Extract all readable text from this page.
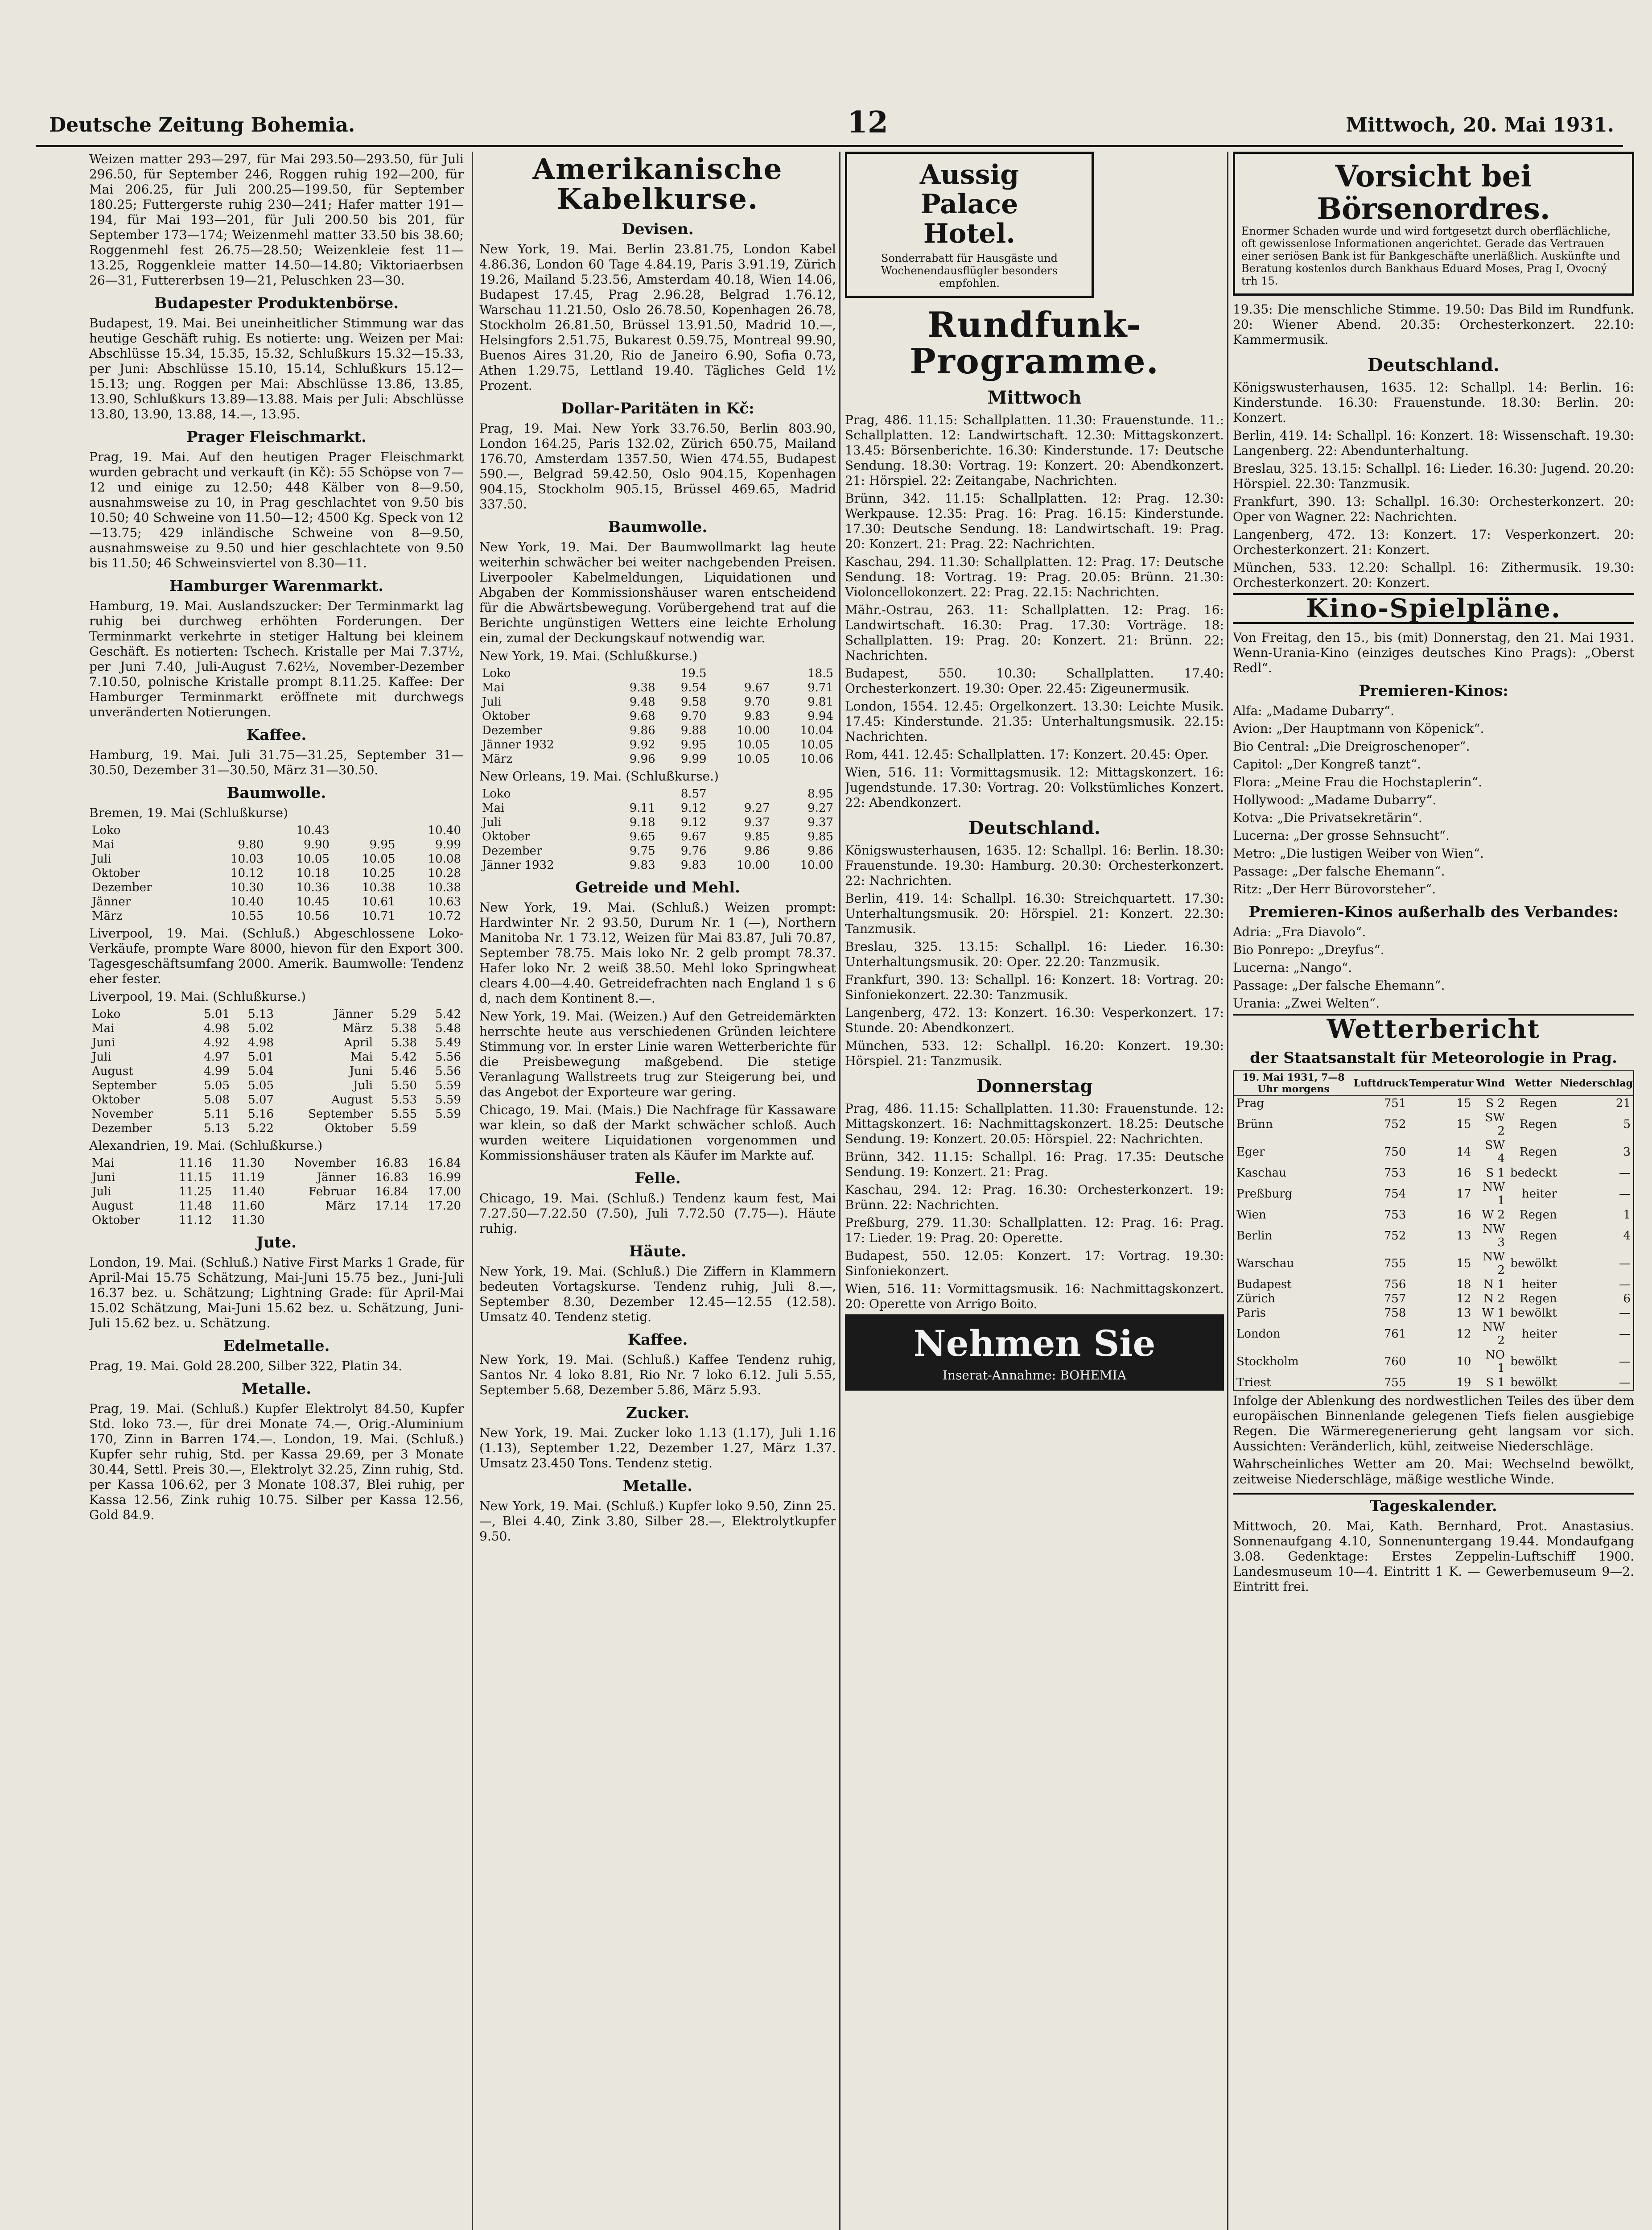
Deutsche Zeitung Bohemia.	12	Mittwoch, 20. Mai 1931.

Weizen matter 293—297, für Mai 293.50—293.50, für Juli 296.50, für September 246, Roggen ruhig 192—200, für Mai 206.25, für Juli 200.25—199.50, für September 180.25; Futtergerste ruhig 230—241; Hafer matter 191—194, für Mai 193—201, für Juli 200.50 bis 201, für September 173—174; Weizenmehl matter 33.50 bis 38.60; Roggenmehl fest 26.75—28.50; Weizenkleie fest 11—13.25, Roggenkleie matter 14.50—14.80; Viktoriaerbsen 26—31, Futtererbsen 19—21, Peluschken 23—30.

Budapester Produktenbörse.

Budapest, 19. Mai. Bei uneinheitlicher Stimmung war das heutige Geschäft ruhig. Es notierte: ung. Weizen per Mai: Abschlüsse 15.34, 15.35, 15.32, Schlußkurs 15.32—15.33, per Juni: Abschlüsse 15.10, 15.14, Schlußkurs 15.12—15.13; ung. Roggen per Mai: Abschlüsse 13.86, 13.85, 13.90, Schlußkurs 13.89—13.88. Mais per Juli: Abschlüsse 13.80, 13.90, 13.88, 14.—, 13.95.

Prager Fleischmarkt.

Prag, 19. Mai. Auf den heutigen Prager Fleischmarkt wurden gebracht und verkauft (in Kč): 55 Schöpse von 7—12 und einige zu 12.50; 448 Kälber von 8—9.50, ausnahmsweise zu 10, in Prag geschlachtet von 9.50 bis 10.50; 40 Schweine von 11.50—12; 4500 Kg. Speck von 12—13.75; 429 inländische Schweine von 8—9.50, ausnahmsweise zu 9.50 und hier geschlachtete von 9.50 bis 11.50; 46 Schweinsviertel von 8.30—11.

Hamburger Warenmarkt.

Hamburg, 19. Mai. Auslandszucker: Der Terminmarkt lag ruhig bei durchweg erhöhten Forderungen. Der Terminmarkt verkehrte in stetiger Haltung bei kleinem Geschäft. Es notierten: Tschech. Kristalle per Mai 7.37½, per Juni 7.40, Juli-August 7.62½, November-Dezember 7.10.50, polnische Kristalle prompt 8.11.25. Kaffee: Der Hamburger Terminmarkt eröffnete mit durchwegs unveränderten Notierungen.

Kaffee.

Hamburg, 19. Mai. Juli 31.75—31.25, September 31—30.50, Dezember 31—30.50, März 31—30.50.

Baumwolle.

Bremen, 19. Mai (Schlußkurse)

Loko		10.43		10.40
Mai	9.80	9.90	9.95	9.99
Juli	10.03	10.05	10.05	10.08
Oktober	10.12	10.18	10.25	10.28
Dezember	10.30	10.36	10.38	10.38
Jänner	10.40	10.45	10.61	10.63
März	10.55	10.56	10.71	10.72

Liverpool, 19. Mai. (Schluß.) Abgeschlossene Loko-Verkäufe, prompte Ware 8000, hievon für den Export 300. Tagesgeschäftsumfang 2000. Amerik. Baumwolle: Tendenz eher fester.

Liverpool, 19. Mai. (Schlußkurse.)

Loko	5.01	5.13	Jänner	5.29	5.42
Mai	4.98	5.02	März	5.38	5.48
Juni	4.92	4.98	April	5.38	5.49
Juli	4.97	5.01	Mai	5.42	5.56
August	4.99	5.04	Juni	5.46	5.56
September	5.05	5.05	Juli	5.50	5.59
Oktober	5.08	5.07	August	5.53	5.59
November	5.11	5.16	September	5.55	5.59
Dezember	5.13	5.22	Oktober	5.59	

Alexandrien, 19. Mai. (Schlußkurse.)

Mai	11.16	11.30	November	16.83	16.84
Juni	11.15	11.19	Jänner	16.83	16.99
Juli	11.25	11.40	Februar	16.84	17.00
August	11.48	11.60	März	17.14	17.20
Oktober	11.12	11.30			
Jute.

London, 19. Mai. (Schluß.) Native First Marks 1 Grade, für April-Mai 15.75 Schätzung, Mai-Juni 15.75 bez., Juni-Juli 16.37 bez. u. Schätzung; Lightning Grade: für April-Mai 15.02 Schätzung, Mai-Juni 15.62 bez. u. Schätzung, Juni-Juli 15.62 bez. u. Schätzung.

Edelmetalle.

Prag, 19. Mai. Gold 28.200, Silber 322, Platin 34.

Metalle.

Prag, 19. Mai. (Schluß.) Kupfer Elektrolyt 84.50, Kupfer Std. loko 73.—, für drei Monate 74.—, Orig.-Aluminium 170, Zinn in Barren 174.—. London, 19. Mai. (Schluß.) Kupfer sehr ruhig, Std. per Kassa 29.69, per 3 Monate 30.44, Settl. Preis 30.—, Elektrolyt 32.25, Zinn ruhig, Std. per Kassa 106.62, per 3 Monate 108.37, Blei ruhig, per Kassa 12.56, Zink ruhig 10.75. Silber per Kassa 12.56, Gold 84.9.

Amerikanische Kabelkurse.
Devisen.

New York, 19. Mai. Berlin 23.81.75, London Kabel 4.86.36, London 60 Tage 4.84.19, Paris 3.91.19, Zürich 19.26, Mailand 5.23.56, Amsterdam 40.18, Wien 14.06, Budapest 17.45, Prag 2.96.28, Belgrad 1.76.12, Warschau 11.21.50, Oslo 26.78.50, Kopenhagen 26.78, Stockholm 26.81.50, Brüssel 13.91.50, Madrid 10.—, Helsingfors 2.51.75, Bukarest 0.59.75, Montreal 99.90, Buenos Aires 31.20, Rio de Janeiro 6.90, Sofia 0.73, Athen 1.29.75, Lettland 19.40. Tägliches Geld 1½ Prozent.

Dollar-Paritäten in Kč:

Prag, 19. Mai. New York 33.76.50, Berlin 803.90, London 164.25, Paris 132.02, Zürich 650.75, Mailand 176.70, Amsterdam 1357.50, Wien 474.55, Budapest 590.—, Belgrad 59.42.50, Oslo 904.15, Kopenhagen 904.15, Stockholm 905.15, Brüssel 469.65, Madrid 337.50.

Baumwolle.

New York, 19. Mai. Der Baumwollmarkt lag heute weiterhin schwächer bei weiter nachgebenden Preisen. Liverpooler Kabelmeldungen, Liquidationen und Abgaben der Kommissionshäuser waren entscheidend für die Abwärtsbewegung. Vorübergehend trat auf die Berichte ungünstigen Wetters eine leichte Erholung ein, zumal der Deckungskauf notwendig war.

New York, 19. Mai. (Schlußkurse.)

Loko		19.5		18.5
Mai	9.38	9.54	9.67	9.71
Juli	9.48	9.58	9.70	9.81
Oktober	9.68	9.70	9.83	9.94
Dezember	9.86	9.88	10.00	10.04
Jänner 1932	9.92	9.95	10.05	10.05
März	9.96	9.99	10.05	10.06

New Orleans, 19. Mai. (Schlußkurse.)

Loko		8.57		8.95
Mai	9.11	9.12	9.27	9.27
Juli	9.18	9.12	9.37	9.37
Oktober	9.65	9.67	9.85	9.85
Dezember	9.75	9.76	9.86	9.86
Jänner 1932	9.83	9.83	10.00	10.00
Getreide und Mehl.

New York, 19. Mai. (Schluß.) Weizen prompt: Hardwinter Nr. 2 93.50, Durum Nr. 1 (—), Northern Manitoba Nr. 1 73.12, Weizen für Mai 83.87, Juli 70.87, September 78.75. Mais loko Nr. 2 gelb prompt 78.37. Hafer loko Nr. 2 weiß 38.50. Mehl loko Springwheat clears 4.00—4.40. Getreidefrachten nach England 1 s 6 d, nach dem Kontinent 8.—.

New York, 19. Mai. (Weizen.) Auf den Getreidemärkten herrschte heute aus verschiedenen Gründen leichtere Stimmung vor. In erster Linie waren Wetterberichte für die Preisbewegung maßgebend. Die stetige Veranlagung Wallstreets trug zur Steigerung bei, und das Angebot der Exporteure war gering.

Chicago, 19. Mai. (Mais.) Die Nachfrage für Kassaware war klein, so daß der Markt schwächer schloß. Auch wurden weitere Liquidationen vorgenommen und Kommissionshäuser traten als Käufer im Markte auf.

Felle.

Chicago, 19. Mai. (Schluß.) Tendenz kaum fest, Mai 7.27.50—7.22.50 (7.50), Juli 7.72.50 (7.75—). Häute ruhig.

Häute.

New York, 19. Mai. (Schluß.) Die Ziffern in Klammern bedeuten Vortagskurse. Tendenz ruhig, Juli 8.—, September 8.30, Dezember 12.45—12.55 (12.58). Umsatz 40. Tendenz stetig.

Kaffee.

New York, 19. Mai. (Schluß.) Kaffee Tendenz ruhig, Santos Nr. 4 loko 8.81, Rio Nr. 7 loko 6.12. Juli 5.55, September 5.68, Dezember 5.86, März 5.93.

Zucker.

New York, 19. Mai. Zucker loko 1.13 (1.17), Juli 1.16 (1.13), September 1.22, Dezember 1.27, März 1.37. Umsatz 23.450 Tons. Tendenz stetig.

Metalle.

New York, 19. Mai. (Schluß.) Kupfer loko 9.50, Zinn 25.—, Blei 4.40, Zink 3.80, Silber 28.—, Elektrolytkupfer 9.50.

Aussig
Palace
Hotel.
Sonderrabatt für Hausgäste und Wochenendausflügler besonders empfohlen.
Rundfunk-Programme.
Mittwoch

Prag, 486. 11.15: Schallplatten. 11.30: Frauenstunde. 11.: Schallplatten. 12: Landwirtschaft. 12.30: Mittagskonzert. 13.45: Börsenberichte. 16.30: Kinderstunde. 17: Deutsche Sendung. 18.30: Vortrag. 19: Konzert. 20: Abendkonzert. 21: Hörspiel. 22: Zeitangabe, Nachrichten.

Brünn, 342. 11.15: Schallplatten. 12: Prag. 12.30: Werkpause. 12.35: Prag. 16: Prag. 16.15: Kinderstunde. 17.30: Deutsche Sendung. 18: Landwirtschaft. 19: Prag. 20: Konzert. 21: Prag. 22: Nachrichten.

Kaschau, 294. 11.30: Schallplatten. 12: Prag. 17: Deutsche Sendung. 18: Vortrag. 19: Prag. 20.05: Brünn. 21.30: Violoncellokonzert. 22: Prag. 22.15: Nachrichten.

Mähr.-Ostrau, 263. 11: Schallplatten. 12: Prag. 16: Landwirtschaft. 16.30: Prag. 17.30: Vorträge. 18: Schallplatten. 19: Prag. 20: Konzert. 21: Brünn. 22: Nachrichten.

Budapest, 550. 10.30: Schallplatten. 17.40: Orchesterkonzert. 19.30: Oper. 22.45: Zigeunermusik.

London, 1554. 12.45: Orgelkonzert. 13.30: Leichte Musik. 17.45: Kinderstunde. 21.35: Unterhaltungsmusik. 22.15: Nachrichten.

Rom, 441. 12.45: Schallplatten. 17: Konzert. 20.45: Oper.

Wien, 516. 11: Vormittagsmusik. 12: Mittagskonzert. 16: Jugendstunde. 17.30: Vortrag. 20: Volkstümliches Konzert. 22: Abendkonzert.

Deutschland.

Königswusterhausen, 1635. 12: Schallpl. 16: Berlin. 18.30: Frauenstunde. 19.30: Hamburg. 20.30: Orchesterkonzert. 22: Nachrichten.

Berlin, 419. 14: Schallpl. 16.30: Streichquartett. 17.30: Unterhaltungsmusik. 20: Hörspiel. 21: Konzert. 22.30: Tanzmusik.

Breslau, 325. 13.15: Schallpl. 16: Lieder. 16.30: Unterhaltungsmusik. 20: Oper. 22.20: Tanzmusik.

Frankfurt, 390. 13: Schallpl. 16: Konzert. 18: Vortrag. 20: Sinfoniekonzert. 22.30: Tanzmusik.

Langenberg, 472. 13: Konzert. 16.30: Vesperkonzert. 17: Stunde. 20: Abendkonzert.

München, 533. 12: Schallpl. 16.20: Konzert. 19.30: Hörspiel. 21: Tanzmusik.

Donnerstag

Prag, 486. 11.15: Schallplatten. 11.30: Frauenstunde. 12: Mittagskonzert. 16: Nachmittagskonzert. 18.25: Deutsche Sendung. 19: Konzert. 20.05: Hörspiel. 22: Nachrichten.

Brünn, 342. 11.15: Schallpl. 16: Prag. 17.35: Deutsche Sendung. 19: Konzert. 21: Prag.

Kaschau, 294. 12: Prag. 16.30: Orchesterkonzert. 19: Brünn. 22: Nachrichten.

Preßburg, 279. 11.30: Schallplatten. 12: Prag. 16: Prag. 17: Lieder. 19: Prag. 20: Operette.

Budapest, 550. 12.05: Konzert. 17: Vortrag. 19.30: Sinfoniekonzert.

Wien, 516. 11: Vormittagsmusik. 16: Nachmittagskonzert. 20: Operette von Arrigo Boito.

Nehmen Sie
Inserat-Annahme: BOHEMIA
Vorsicht bei Börsenordres.
Enormer Schaden wurde und wird fortgesetzt durch oberflächliche, oft gewissenlose Informationen angerichtet. Gerade das Vertrauen einer seriösen Bank ist für Bankgeschäfte unerläßlich. Auskünfte und Beratung kostenlos durch Bankhaus Eduard Moses, Prag I, Ovocný trh 15.

19.35: Die menschliche Stimme. 19.50: Das Bild im Rundfunk. 20: Wiener Abend. 20.35: Orchesterkonzert. 22.10: Kammermusik.

Deutschland.

Königswusterhausen, 1635. 12: Schallpl. 14: Berlin. 16: Kinderstunde. 16.30: Frauenstunde. 18.30: Berlin. 20: Konzert.

Berlin, 419. 14: Schallpl. 16: Konzert. 18: Wissenschaft. 19.30: Langenberg. 22: Abendunterhaltung.

Breslau, 325. 13.15: Schallpl. 16: Lieder. 16.30: Jugend. 20.20: Hörspiel. 22.30: Tanzmusik.

Frankfurt, 390. 13: Schallpl. 16.30: Orchesterkonzert. 20: Oper von Wagner. 22: Nachrichten.

Langenberg, 472. 13: Konzert. 17: Vesperkonzert. 20: Orchesterkonzert. 21: Konzert.

München, 533. 12.20: Schallpl. 16: Zithermusik. 19.30: Orchesterkonzert. 20: Konzert.

Kino-Spielpläne.

Von Freitag, den 15., bis (mit) Donnerstag, den 21. Mai 1931. Wenn-Urania-Kino (einziges deutsches Kino Prags): „Oberst Redl“.

Premieren-Kinos:

Alfa: „Madame Dubarry“.

Avion: „Der Hauptmann von Köpenick“.

Bio Central: „Die Dreigroschenoper“.

Capitol: „Der Kongreß tanzt“.

Flora: „Meine Frau die Hochstaplerin“.

Hollywood: „Madame Dubarry“.

Kotva: „Die Privatsekretärin“.

Lucerna: „Der grosse Sehnsucht“.

Metro: „Die lustigen Weiber von Wien“.

Passage: „Der falsche Ehemann“.

Ritz: „Der Herr Bürovorsteher“.

Premieren-Kinos außerhalb des Verbandes:

Adria: „Fra Diavolo“.

Bio Ponrepo: „Dreyfus“.

Lucerna: „Nango“.

Passage: „Der falsche Ehemann“.

Urania: „Zwei Welten“.

Wetterbericht
der Staatsanstalt für Meteorologie in Prag.
19. Mai 1931, 7—8 Uhr morgens	Luftdruck	Temperatur	Wind	Wetter	Niederschlag
Prag	751	15	S 2	Regen	21
Brünn	752	15	SW 2	Regen	5
Eger	750	14	SW 4	Regen	3
Kaschau	753	16	S 1	bedeckt	—
Preßburg	754	17	NW 1	heiter	—
Wien	753	16	W 2	Regen	1
Berlin	752	13	NW 3	Regen	4
Warschau	755	15	NW 2	bewölkt	—
Budapest	756	18	N 1	heiter	—
Zürich	757	12	N 2	Regen	6
Paris	758	13	W 1	bewölkt	—
London	761	12	NW 2	heiter	—
Stockholm	760	10	NO 1	bewölkt	—
Triest	755	19	S 1	bewölkt	—

Infolge der Ablenkung des nordwestlichen Teiles des über dem europäischen Binnenlande gelegenen Tiefs fielen ausgiebige Regen. Die Wärmeregenerierung geht langsam vor sich. Aussichten: Veränderlich, kühl, zeitweise Niederschläge.

Wahrscheinliches Wetter am 20. Mai: Wechselnd bewölkt, zeitweise Niederschläge, mäßige westliche Winde.

Tageskalender.

Mittwoch, 20. Mai, Kath. Bernhard, Prot. Anastasius. Sonnenaufgang 4.10, Sonnenuntergang 19.44. Mondaufgang 3.08. Gedenktage: Erstes Zeppelin-Luftschiff 1900. Landesmuseum 10—4. Eintritt 1 K. — Gewerbemuseum 9—2. Eintritt frei.
